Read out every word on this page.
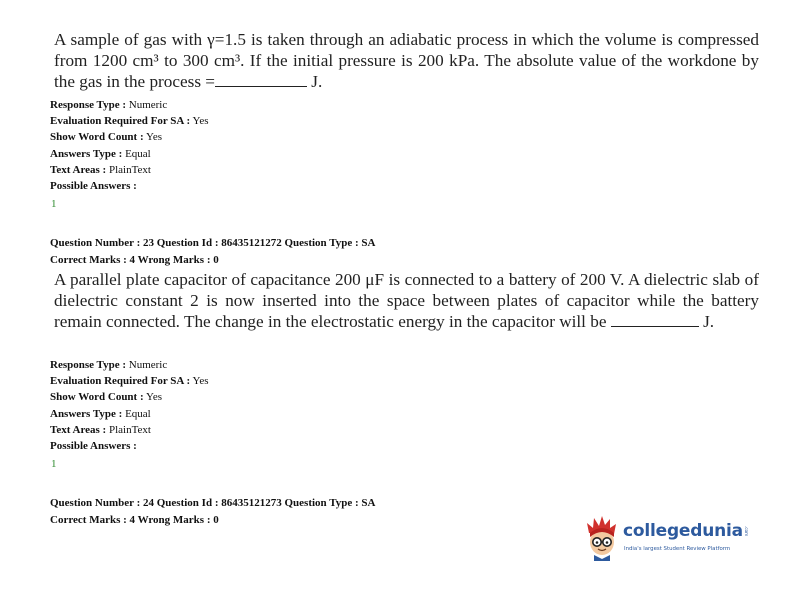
A sample of gas with γ=1.5 is taken through an adiabatic process in which the volume is compressed from 1200 cm³ to 300 cm³. If the initial pressure is 200 kPa. The absolute value of the workdone by the gas in the process =	J.
Response Type : Numeric
Evaluation Required For SA : Yes
Show Word Count : Yes
Answers Type : Equal
Text Areas : PlainText
Possible Answers :
1
Question Number : 23 Question Id : 86435121272 Question Type : SA
Correct Marks : 4 Wrong Marks : 0
A parallel plate capacitor of capacitance 200 μF is connected to a battery of 200 V. A dielectric slab of dielectric constant 2 is now inserted into the space between plates of capacitor while the battery remain connected. The change in the electrostatic energy in the capacitor will be	J.
Response Type : Numeric
Evaluation Required For SA : Yes
Show Word Count : Yes
Answers Type : Equal
Text Areas : PlainText
Possible Answers :
1
Question Number : 24 Question Id : 86435121273 Question Type : SA
Correct Marks : 4 Wrong Marks : 0
collegedunia.com
India's largest Student Review Platform
